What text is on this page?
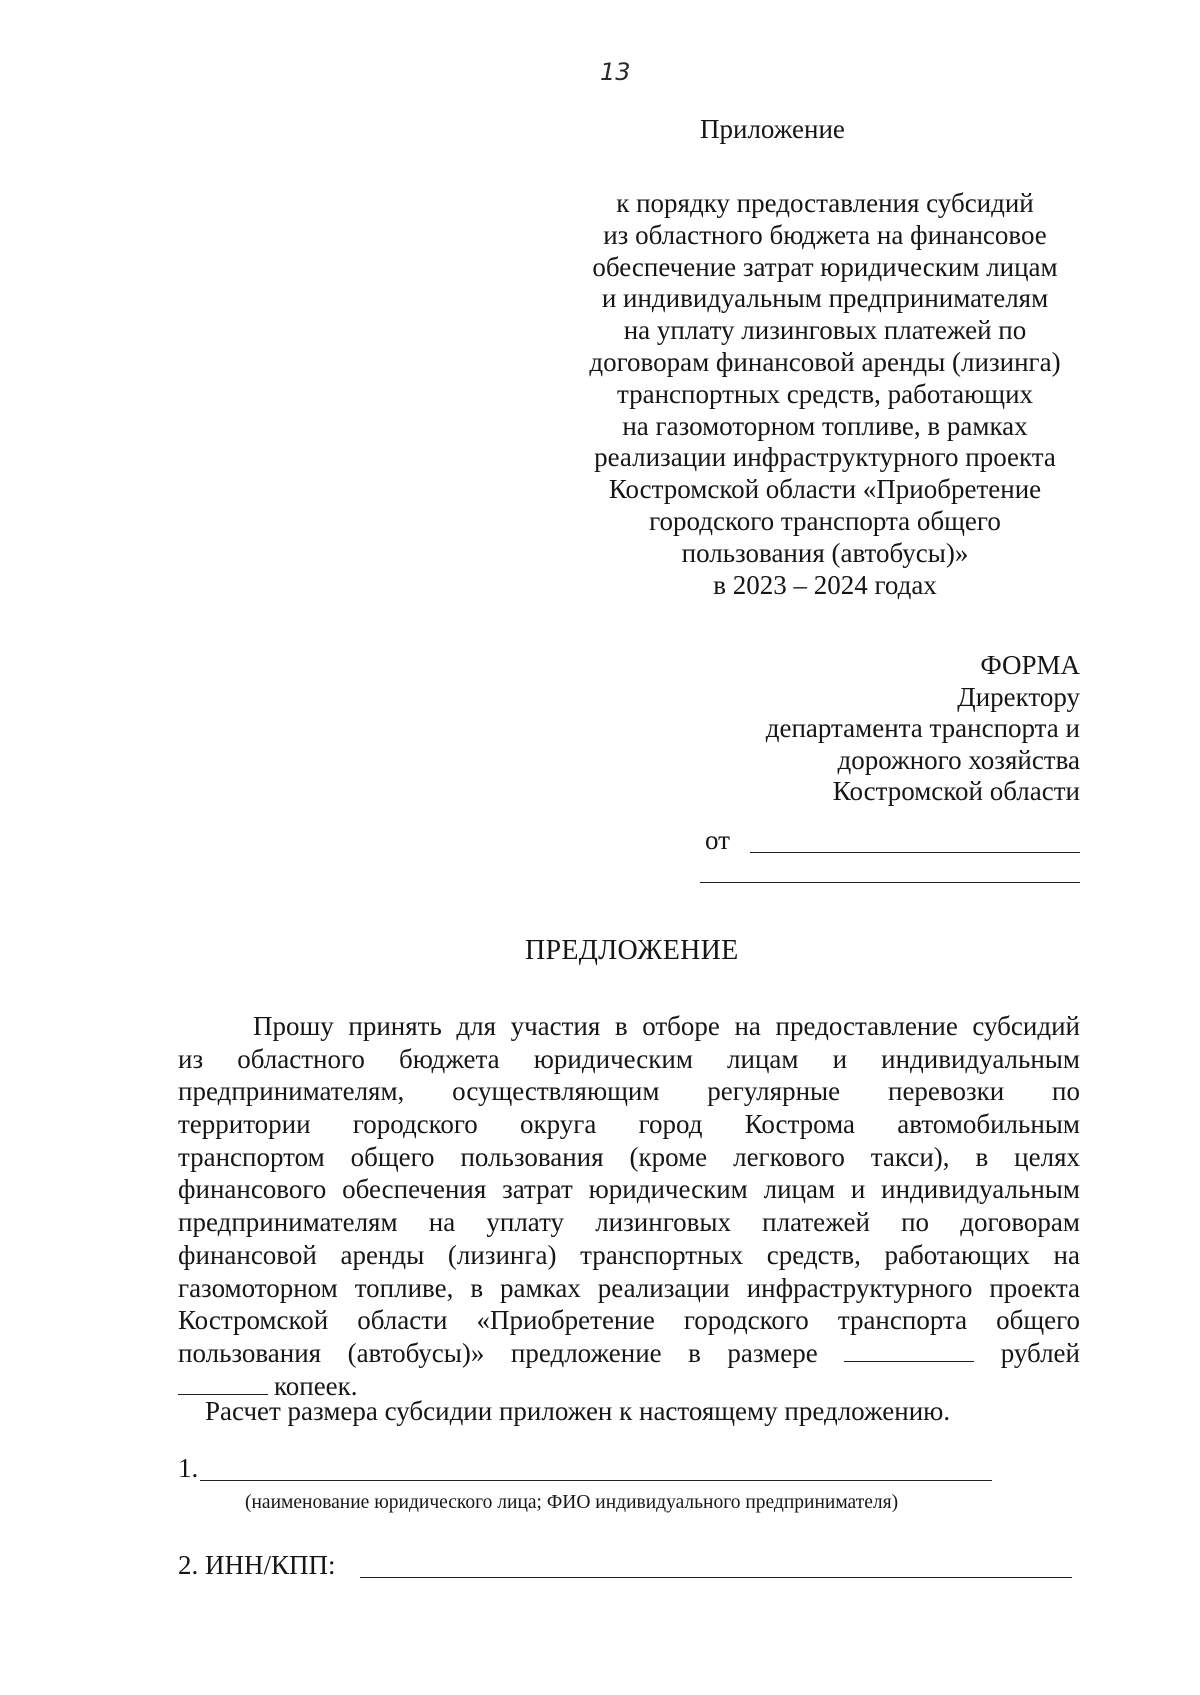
13
Приложение
к порядку предоставления субсидий
из областного бюджета на финансовое
обеспечение затрат юридическим лицам
и индивидуальным предпринимателям
на уплату лизинговых платежей по
договорам финансовой аренды (лизинга)
транспортных средств, работающих
на газомоторном топливе, в рамках
реализации инфраструктурного проекта
Костромской области «Приобретение
городского транспорта общего
пользования (автобусы)»
в 2023 – 2024 годах
ФОРМА
Директору
департамента транспорта и
дорожного хозяйства
Костромской области
от
ПРЕДЛОЖЕНИЕ
Прошу принять для участия в отборе на предоставление субсидий
из областного бюджета юридическим лицам и индивидуальным
предпринимателям, осуществляющим регулярные перевозки по
территории городского округа город Кострома автомобильным
транспортом общего пользования (кроме легкового такси), в целях
финансового обеспечения затрат юридическим лицам и индивидуальным
предпринимателям на уплату лизинговых платежей по договорам
финансовой аренды (лизинга) транспортных средств, работающих на
газомоторном топливе, в рамках реализации инфраструктурного проекта
Костромской области «Приобретение городского транспорта общего
пользования (автобусы)» предложение в размере	рублей
копеек.
Расчет размера субсидии приложен к настоящему предложению.
1.
(наименование юридического лица; ФИО индивидуального предпринимателя)
2. ИНН/КПП:
